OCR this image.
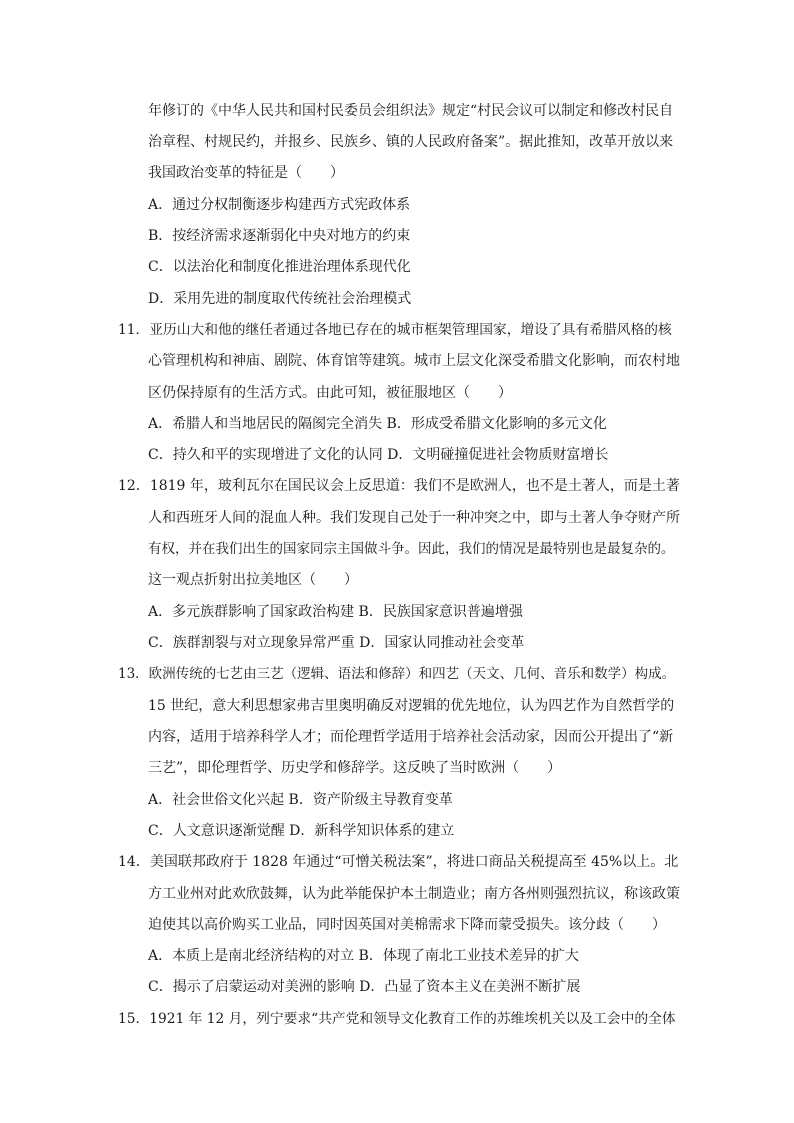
年修订的《中华人民共和国村民委员会组织法》规定“村民会议可以制定和修改村民自
治章程、村规民约，并报乡、民族乡、镇的人民政府备案”。据此推知，改革开放以来
我国政治变革的特征是（　　）
A．通过分权制衡逐步构建西方式宪政体系
B．按经济需求逐渐弱化中央对地方的约束
C．以法治化和制度化推进治理体系现代化
D．采用先进的制度取代传统社会治理模式
11．亚历山大和他的继任者通过各地已存在的城市框架管理国家，增设了具有希腊风格的核
心管理机构和神庙、剧院、体育馆等建筑。城市上层文化深受希腊文化影响，而农村地
区仍保持原有的生活方式。由此可知，被征服地区（　　）
A．希腊人和当地居民的隔阂完全消失 B．形成受希腊文化影响的多元文化
C．持久和平的实现增进了文化的认同 D．文明碰撞促进社会物质财富增长
12．1819 年，玻利瓦尔在国民议会上反思道：我们不是欧洲人，也不是土著人，而是土著
人和西班牙人间的混血人种。我们发现自己处于一种冲突之中，即与土著人争夺财产所
有权，并在我们出生的国家同宗主国做斗争。因此，我们的情况是最特别也是最复杂的。
这一观点折射出拉美地区（　　）
A．多元族群影响了国家政治构建 B．民族国家意识普遍增强
C．族群割裂与对立现象异常严重 D．国家认同推动社会变革
13．欧洲传统的七艺由三艺（逻辑、语法和修辞）和四艺（天文、几何、音乐和数学）构成。
15 世纪，意大利思想家弗吉里奥明确反对逻辑的优先地位，认为四艺作为自然哲学的
内容，适用于培养科学人才；而伦理哲学适用于培养社会活动家，因而公开提出了“新
三艺”，即伦理哲学、历史学和修辞学。这反映了当时欧洲（　　）
A．社会世俗文化兴起 B．资产阶级主导教育变革
C．人文意识逐渐觉醒 D．新科学知识体系的建立
14．美国联邦政府于 1828 年通过“可憎关税法案”，将进口商品关税提高至 45%以上。北
方工业州对此欢欣鼓舞，认为此举能保护本土制造业；南方各州则强烈抗议，称该政策
迫使其以高价购买工业品，同时因英国对美棉需求下降而蒙受损失。该分歧（　　）
A．本质上是南北经济结构的对立 B．体现了南北工业技术差异的扩大
C．揭示了启蒙运动对美洲的影响 D．凸显了资本主义在美洲不断扩展
15．1921 年 12 月，列宁要求“共产党和领导文化教育工作的苏维埃机关以及工会中的全体
